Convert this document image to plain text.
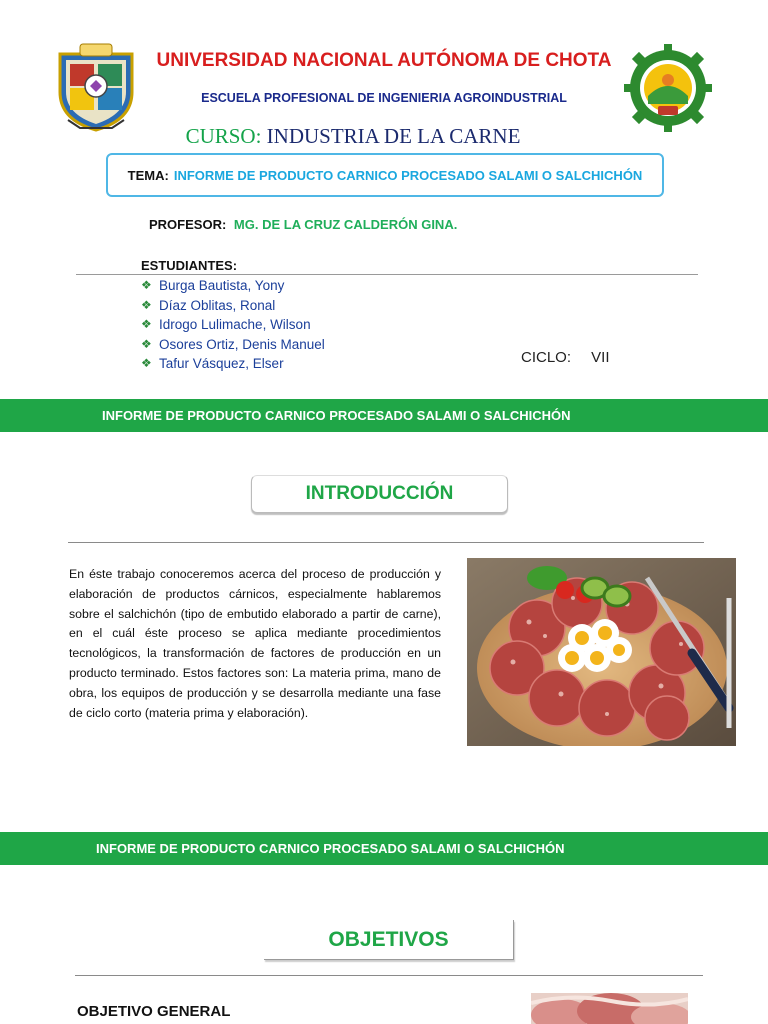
UNIVERSIDAD NACIONAL AUTÓNOMA DE CHOTA
ESCUELA PROFESIONAL DE INGENIERIA AGROINDUSTRIAL
CURSO: INDUSTRIA DE LA CARNE
TEMA: INFORME DE PRODUCTO CARNICO PROCESADO SALAMI O SALCHICHÓN
PROFESOR: MG. DE LA CRUZ CALDERÓN GINA.
ESTUDIANTES:
❖ Burga Bautista, Yony
❖ Díaz Oblitas, Ronal
❖ Idrogo Lulimache, Wilson
❖ Osores Ortiz, Denis Manuel
❖ Tafur Vásquez, Elser	CICLO: VII
INFORME DE PRODUCTO CARNICO PROCESADO SALAMI O SALCHICHÓN
INTRODUCCIÓN

En éste trabajo conoceremos acerca del proceso de producción y elaboración de productos cárnicos, especialmente hablaremos sobre el salchichón (tipo de embutido elaborado a partir de carne), en el cuál éste proceso se aplica mediante procedimientos tecnológicos, la transformación de factores de producción en un producto terminado. Estos factores son: La materia prima, mano de obra, los equipos de producción y se desarrolla mediante una fase de ciclo corto (materia prima y elaboración).

INFORME DE PRODUCTO CARNICO PROCESADO SALAMI O SALCHICHÓN
OBJETIVOS
OBJETIVO GENERAL
